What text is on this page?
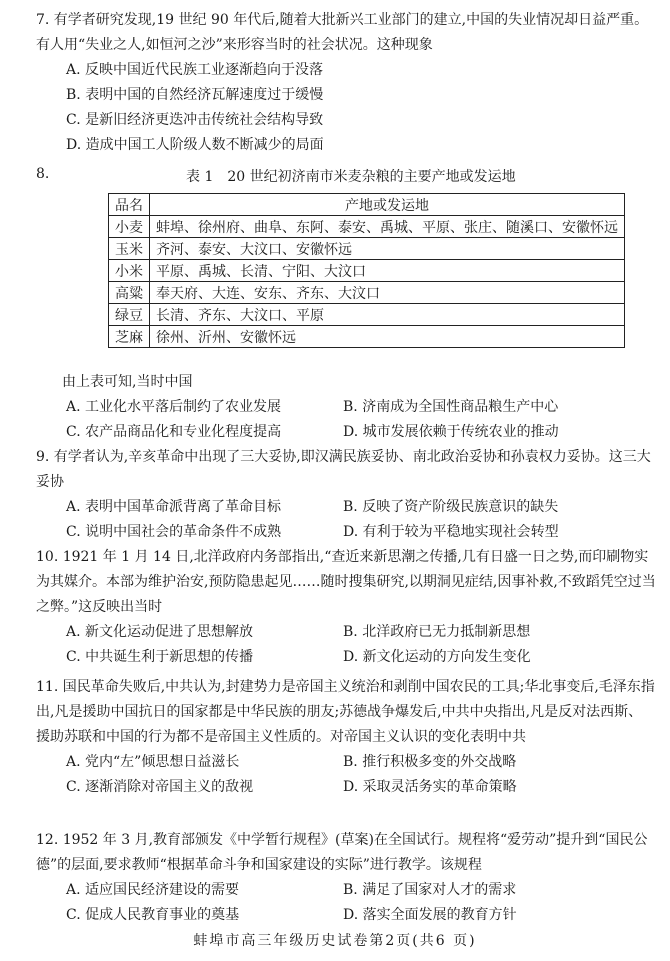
7. 有学者研究发现,19 世纪 90 年代后,随着大批新兴工业部门的建立,中国的失业情况却日益严重。有人用“失业之人,如恒河之沙”来形容当时的社会状况。这种现象
A. 反映中国近代民族工业逐渐趋向于没落
B. 表明中国的自然经济瓦解速度过于缓慢
C. 是新旧经济更迭冲击传统社会结构导致
D. 造成中国工人阶级人数不断减少的局面
8.	表 1　20 世纪初济南市米麦杂粮的主要产地或发运地
品名	产地或发运地
小麦	蚌埠、徐州府、曲阜、东阿、泰安、禹城、平原、张庄、随溪口、安徽怀远
玉米	齐河、泰安、大汶口、安徽怀远
小米	平原、禹城、长清、宁阳、大汶口
高粱	奉天府、大连、安东、齐东、大汶口
绿豆	长清、齐东、大汶口、平原
芝麻	徐州、沂州、安徽怀远
由上表可知,当时中国
A. 工业化水平落后制约了农业发展	B. 济南成为全国性商品粮生产中心
C. 农产品商品化和专业化程度提高	D. 城市发展依赖于传统农业的推动
9. 有学者认为,辛亥革命中出现了三大妥协,即汉满民族妥协、南北政治妥协和孙袁权力妥协。这三大妥协
A. 表明中国革命派背离了革命目标	B. 反映了资产阶级民族意识的缺失
C. 说明中国社会的革命条件不成熟	D. 有利于较为平稳地实现社会转型
10. 1921 年 1 月 14 日,北洋政府内务部指出,“查近来新思潮之传播,几有日盛一日之势,而印刷物实为其媒介。本部为维护治安,预防隐患起见……随时搜集研究,以期洞见症结,因事补救,不致蹈凭空过当之弊。”这反映出当时
A. 新文化运动促进了思想解放	B. 北洋政府已无力抵制新思想
C. 中共诞生利于新思想的传播	D. 新文化运动的方向发生变化
11. 国民革命失败后,中共认为,封建势力是帝国主义统治和剥削中国农民的工具;华北事变后,毛泽东指出,凡是援助中国抗日的国家都是中华民族的朋友;苏德战争爆发后,中共中央指出,凡是反对法西斯、援助苏联和中国的行为都不是帝国主义性质的。对帝国主义认识的变化表明中共
A. 党内“左”倾思想日益滋长	B. 推行积极多变的外交战略
C. 逐渐消除对帝国主义的敌视	D. 采取灵活务实的革命策略
12. 1952 年 3 月,教育部颁发《中学暂行规程》(草案)在全国试行。规程将“爱劳动”提升到“国民公德”的层面,要求教师“根据革命斗争和国家建设的实际”进行教学。该规程
A. 适应国民经济建设的需要	B. 满足了国家对人才的需求
C. 促成人民教育事业的奠基	D. 落实全面发展的教育方针
蚌埠市高三年级历史试卷第2页(共6 页)
